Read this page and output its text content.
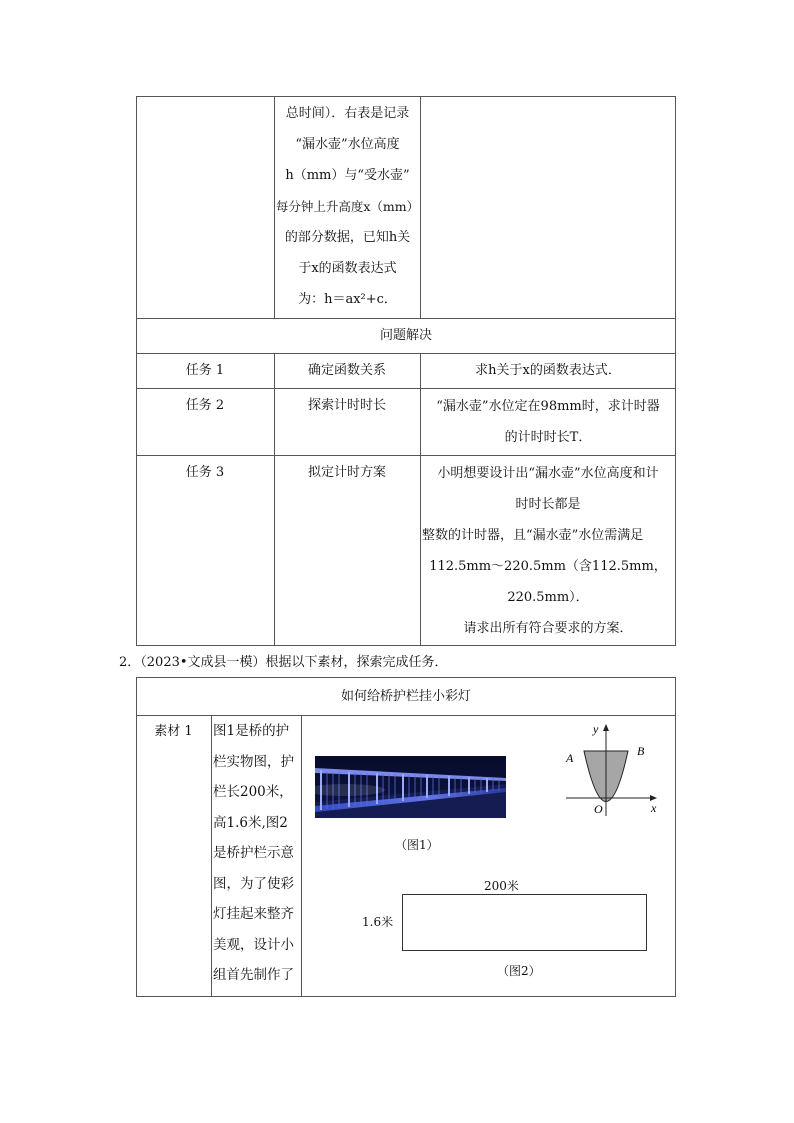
总时间）．右表是记录
“漏水壶”水位高度
h（mm）与“受水壶”
每分钟上升高度x（mm）
的部分数据，已知h关
于x的函数表达式
为：h＝ax²+c．
问题解决
任务 1	确定函数关系	求h关于x的函数表达式．
任务 2	探索计时时长	“漏水壶”水位定在98mm时，求计时器
的计时时长T．
任务 3	拟定计时方案	小明想要设计出“漏水壶”水位高度和计
时时长都是
整数的计时器，且“漏水壶”水位需满足
112.5mm～220.5mm（含112.5mm，
220.5mm）．
请求出所有符合要求的方案．
2．（2023•文成县一模）根据以下素材，探索完成任务．
如何给桥护栏挂小彩灯
素材 1	图1是桥的护
栏实物图，护
栏长200米，
高1.6米,图2
是桥护栏示意
图，为了使彩
灯挂起来整齐
美观，设计小
组首先制作了
（图1）
y
x
A	B
O
200米
1.6米
（图2）
